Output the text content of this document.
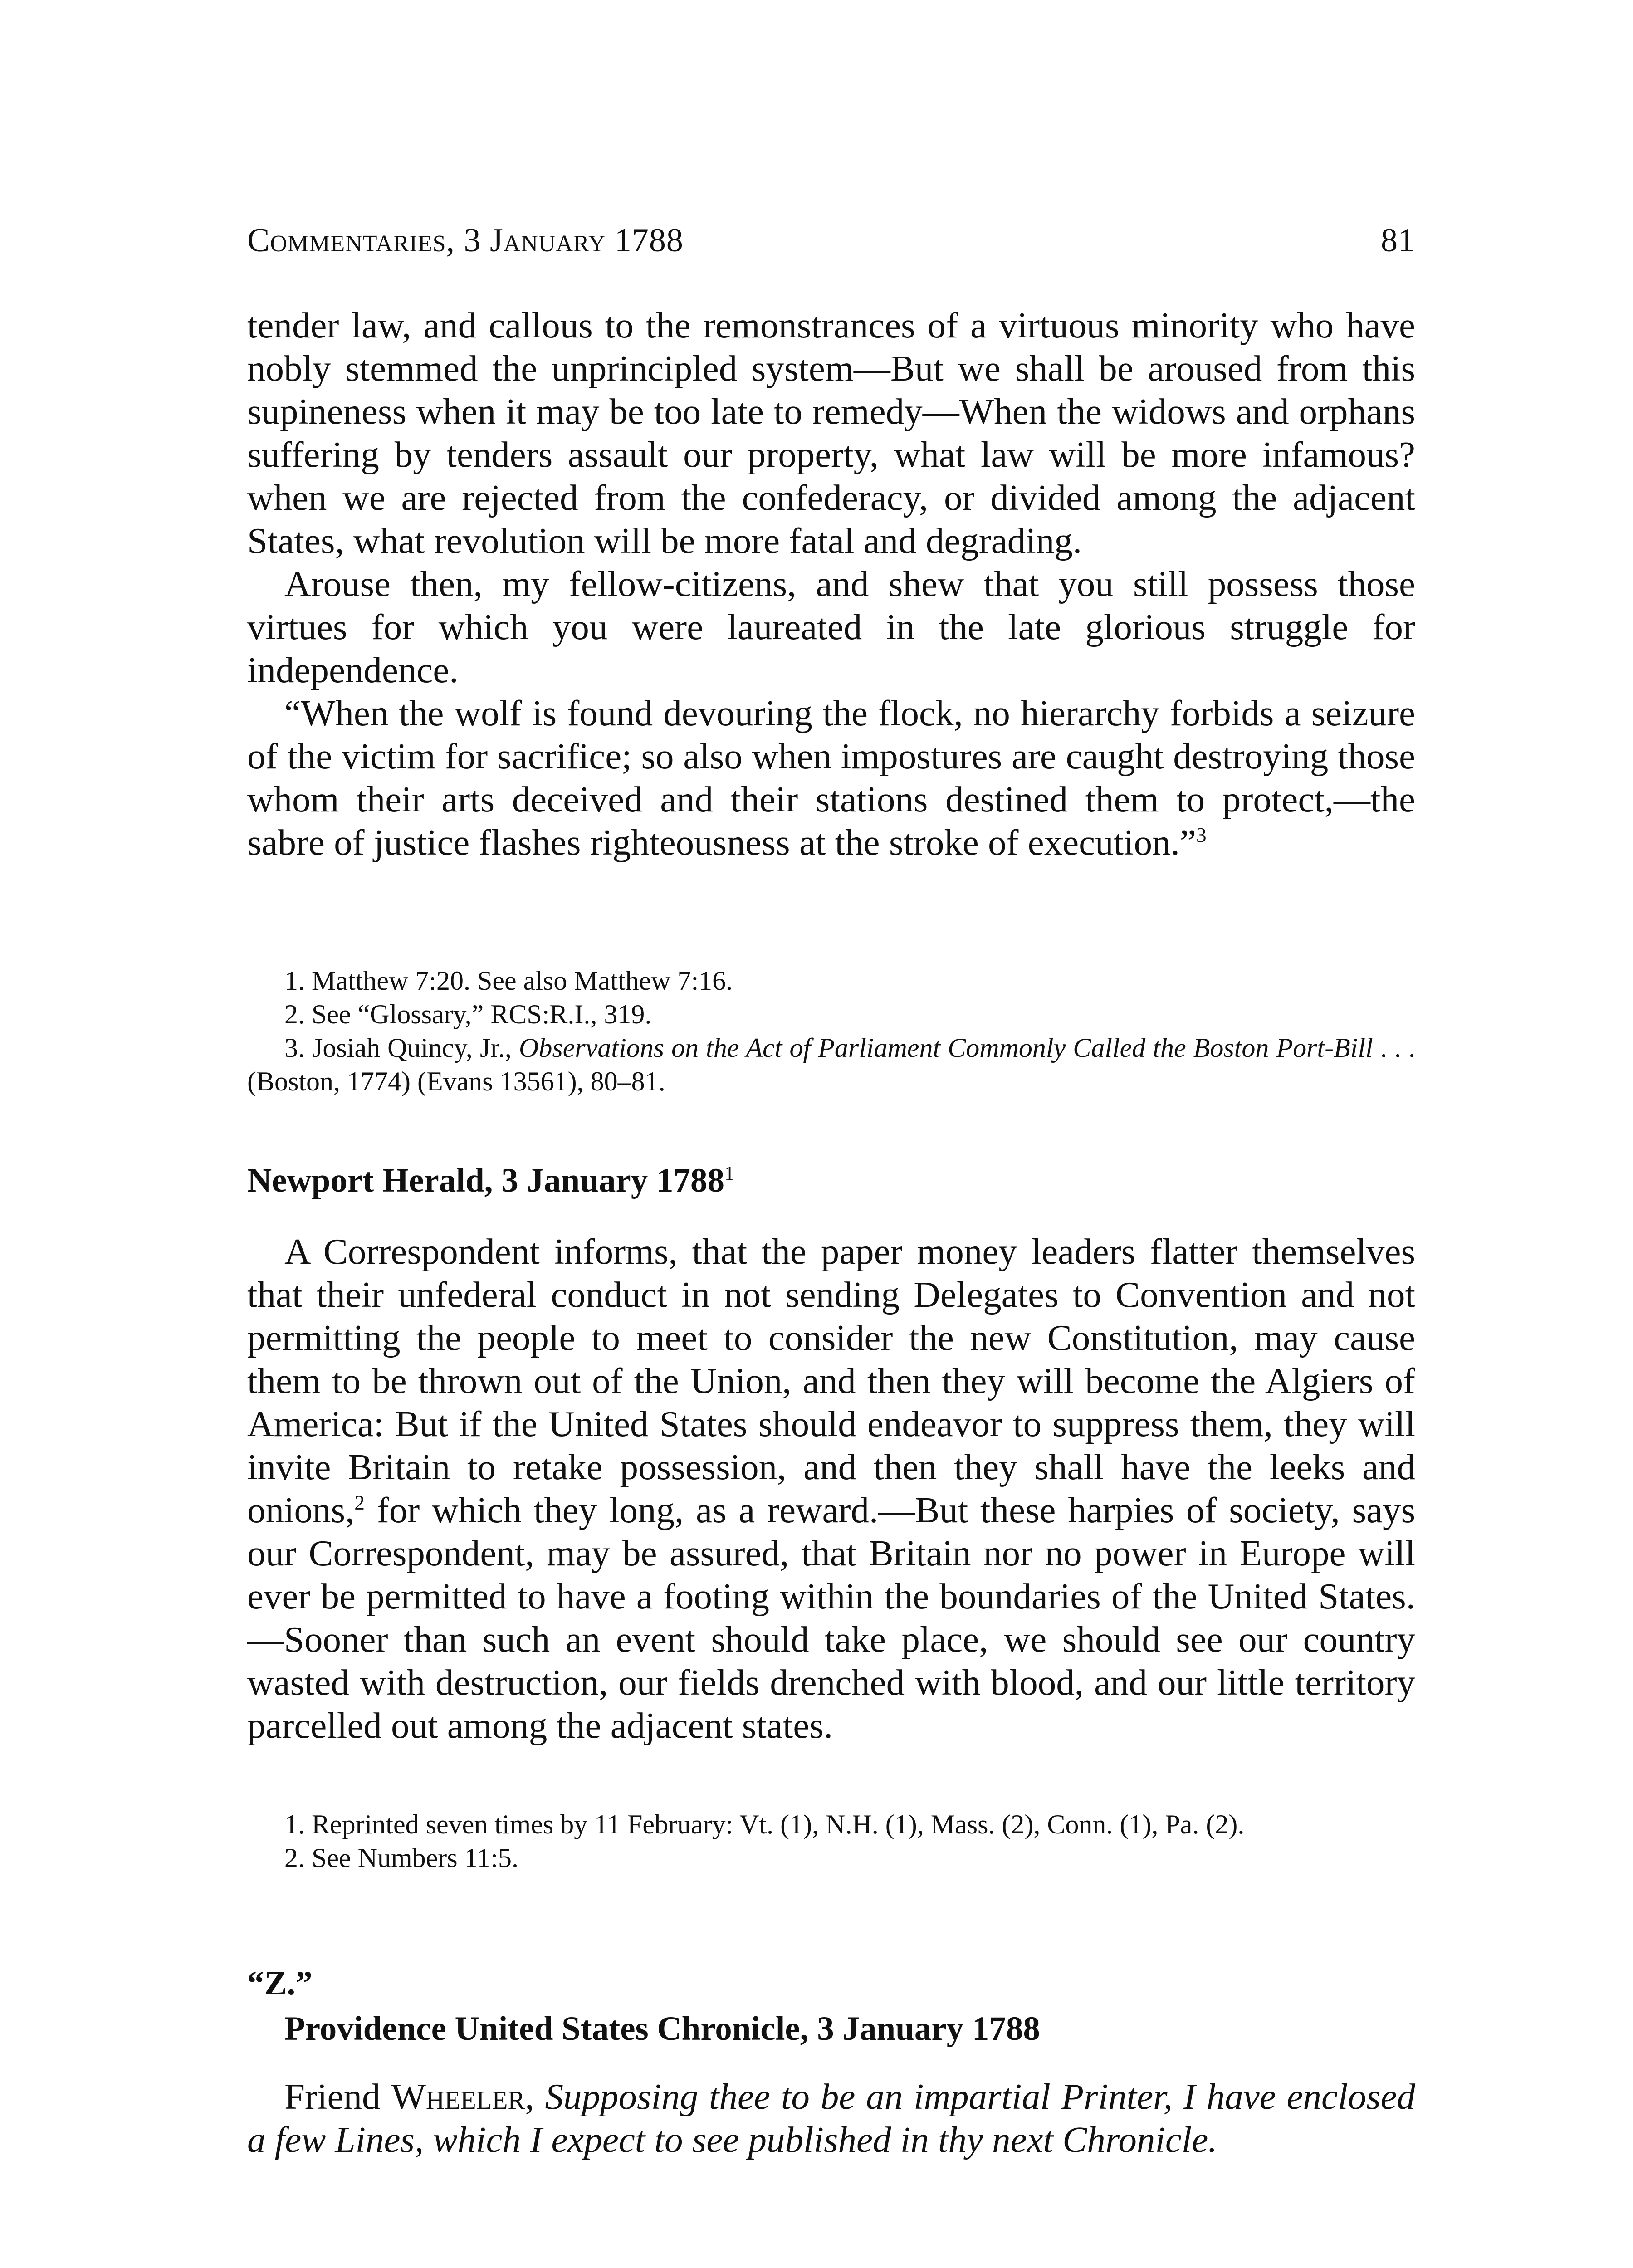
Commentaries, 3 January 1788	81

tender law, and callous to the remonstrances of a virtuous minority who have nobly stemmed the unprincipled system—But we shall be aroused from this supineness when it may be too late to remedy—When the widows and orphans suffering by tenders assault our property, what law will be more infamous? when we are rejected from the confederacy, or divided among the adjacent States, what revolution will be more fatal and degrading.

Arouse then, my fellow-citizens, and shew that you still possess those virtues for which you were laureated in the late glorious struggle for independence.

“When the wolf is found devouring the flock, no hierarchy forbids a seizure of the victim for sacrifice; so also when impostures are caught destroying those whom their arts deceived and their stations destined them to protect,—the sabre of justice flashes righteousness at the stroke of execution.”$^3$

1. Matthew 7:20. See also Matthew 7:16.

2. See “Glossary,” RCS:R.I., 319.

3. Josiah Quincy, Jr., Observations on the Act of Parliament Commonly Called the Boston Port-Bill . . . (Boston, 1774) (Evans 13561), 80–81.

Newport Herald, 3 January 1788$^1$

A Correspondent informs, that the paper money leaders flatter themselves that their unfederal conduct in not sending Delegates to Convention and not permitting the people to meet to consider the new Constitution, may cause them to be thrown out of the Union, and then they will become the Algiers of America: But if the United States should endeavor to suppress them, they will invite Britain to retake possession, and then they shall have the leeks and onions,$^2$ for which they long, as a reward.—But these harpies of society, says our Correspondent, may be assured, that Britain nor no power in Europe will ever be permitted to have a footing within the boundaries of the United States.—Sooner than such an event should take place, we should see our country wasted with destruction, our fields drenched with blood, and our little territory parcelled out among the adjacent states.

1. Reprinted seven times by 11 February: Vt. (1), N.H. (1), Mass. (2), Conn. (1), Pa. (2).

2. See Numbers 11:5.

“Z.”
Providence United States Chronicle, 3 January 1788

Friend Wheeler, Supposing thee to be an impartial Printer, I have enclosed a few Lines, which I expect to see published in thy next Chronicle.
